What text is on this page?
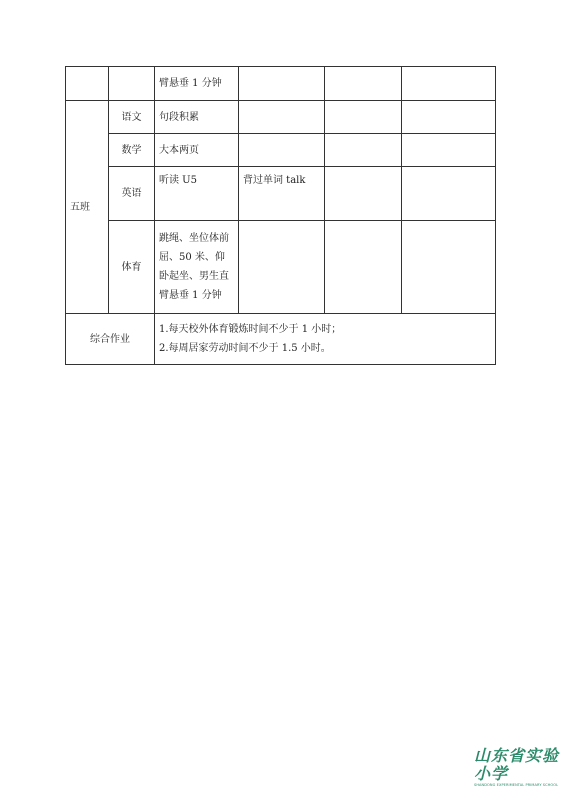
		臂悬垂 1 分钟			
五班	语文	句段积累			

	数学	大本两页			

	英语	听读 U5	背过单词 talk		
	体育	跳绳、坐位体前
屈、50 米、仰
卧起坐、男生直
臂悬垂 1 分钟			

综合作业		1.每天校外体育锻炼时间不少于 1 小时；
2.每周居家劳动时间不少于 1.5 小时。			
山东省实验小学
SHANDONG EXPERIMENTAL PRIMARY SCHOOL
